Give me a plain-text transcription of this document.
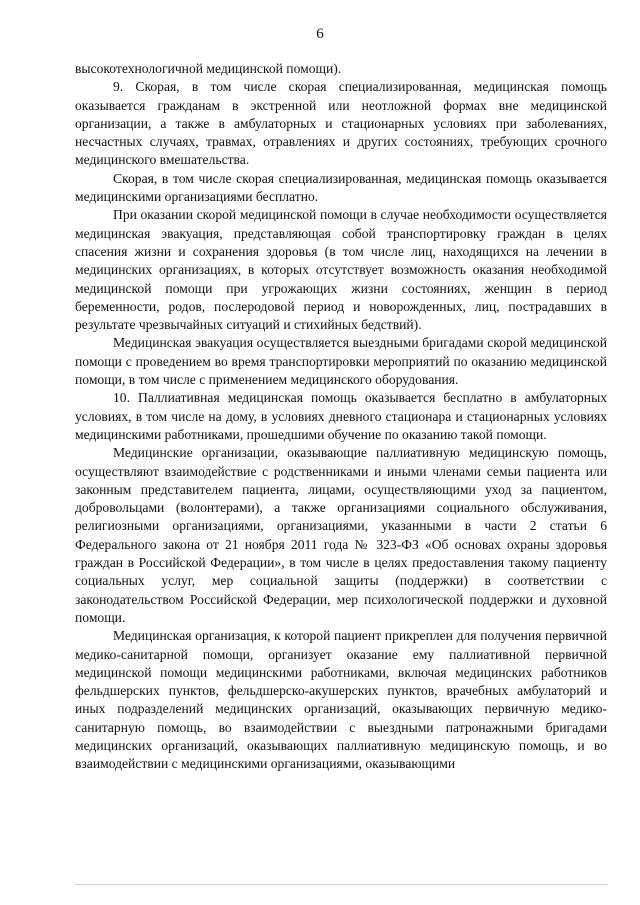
6

высокотехнологичной медицинской помощи).

9. Скорая, в том числе скорая специализированная, медицинская помощь оказывается гражданам в экстренной или неотложной формах вне медицинской организации, а также в амбулаторных и стационарных условиях при заболеваниях, несчастных случаях, травмах, отравлениях и других состояниях, требующих срочного медицинского вмешательства.

Скорая, в том числе скорая специализированная, медицинская помощь оказывается медицинскими организациями бесплатно.

При оказании скорой медицинской помощи в случае необходимости осуществляется медицинская эвакуация, представляющая собой транспортировку граждан в целях спасения жизни и сохранения здоровья (в том числе лиц, находящихся на лечении в медицинских организациях, в которых отсутствует возможность оказания необходимой медицинской помощи при угрожающих жизни состояниях, женщин в период беременности, родов, послеродовой период и новорожденных, лиц, пострадавших в результате чрезвычайных ситуаций и стихийных бедствий).

Медицинская эвакуация осуществляется выездными бригадами скорой медицинской помощи с проведением во время транспортировки мероприятий по оказанию медицинской помощи, в том числе с применением медицинского оборудования.

10. Паллиативная медицинская помощь оказывается бесплатно в амбулаторных условиях, в том числе на дому, в условиях дневного стационара и стационарных условиях медицинскими работниками, прошедшими обучение по оказанию такой помощи.

Медицинские организации, оказывающие паллиативную медицинскую помощь, осуществляют взаимодействие с родственниками и иными членами семьи пациента или законным представителем пациента, лицами, осуществляющими уход за пациентом, добровольцами (волонтерами), а также организациями социального обслуживания, религиозными организациями, организациями, указанными в части 2 статьи 6 Федерального закона от 21 ноября 2011 года № 323-ФЗ «Об основах охраны здоровья граждан в Российской Федерации», в том числе в целях предоставления такому пациенту социальных услуг, мер социальной защиты (поддержки) в соответствии с законодательством Российской Федерации, мер психологической поддержки и духовной помощи.

Медицинская организация, к которой пациент прикреплен для получения первичной медико-санитарной помощи, организует оказание ему паллиативной первичной медицинской помощи медицинскими работниками, включая медицинских работников фельдшерских пунктов, фельдшерско-акушерских пунктов, врачебных амбулаторий и иных подразделений медицинских организаций, оказывающих первичную медико-санитарную помощь, во взаимодействии с выездными патронажными бригадами медицинских организаций, оказывающих паллиативную медицинскую помощь, и во взаимодействии с медицинскими организациями, оказывающими
